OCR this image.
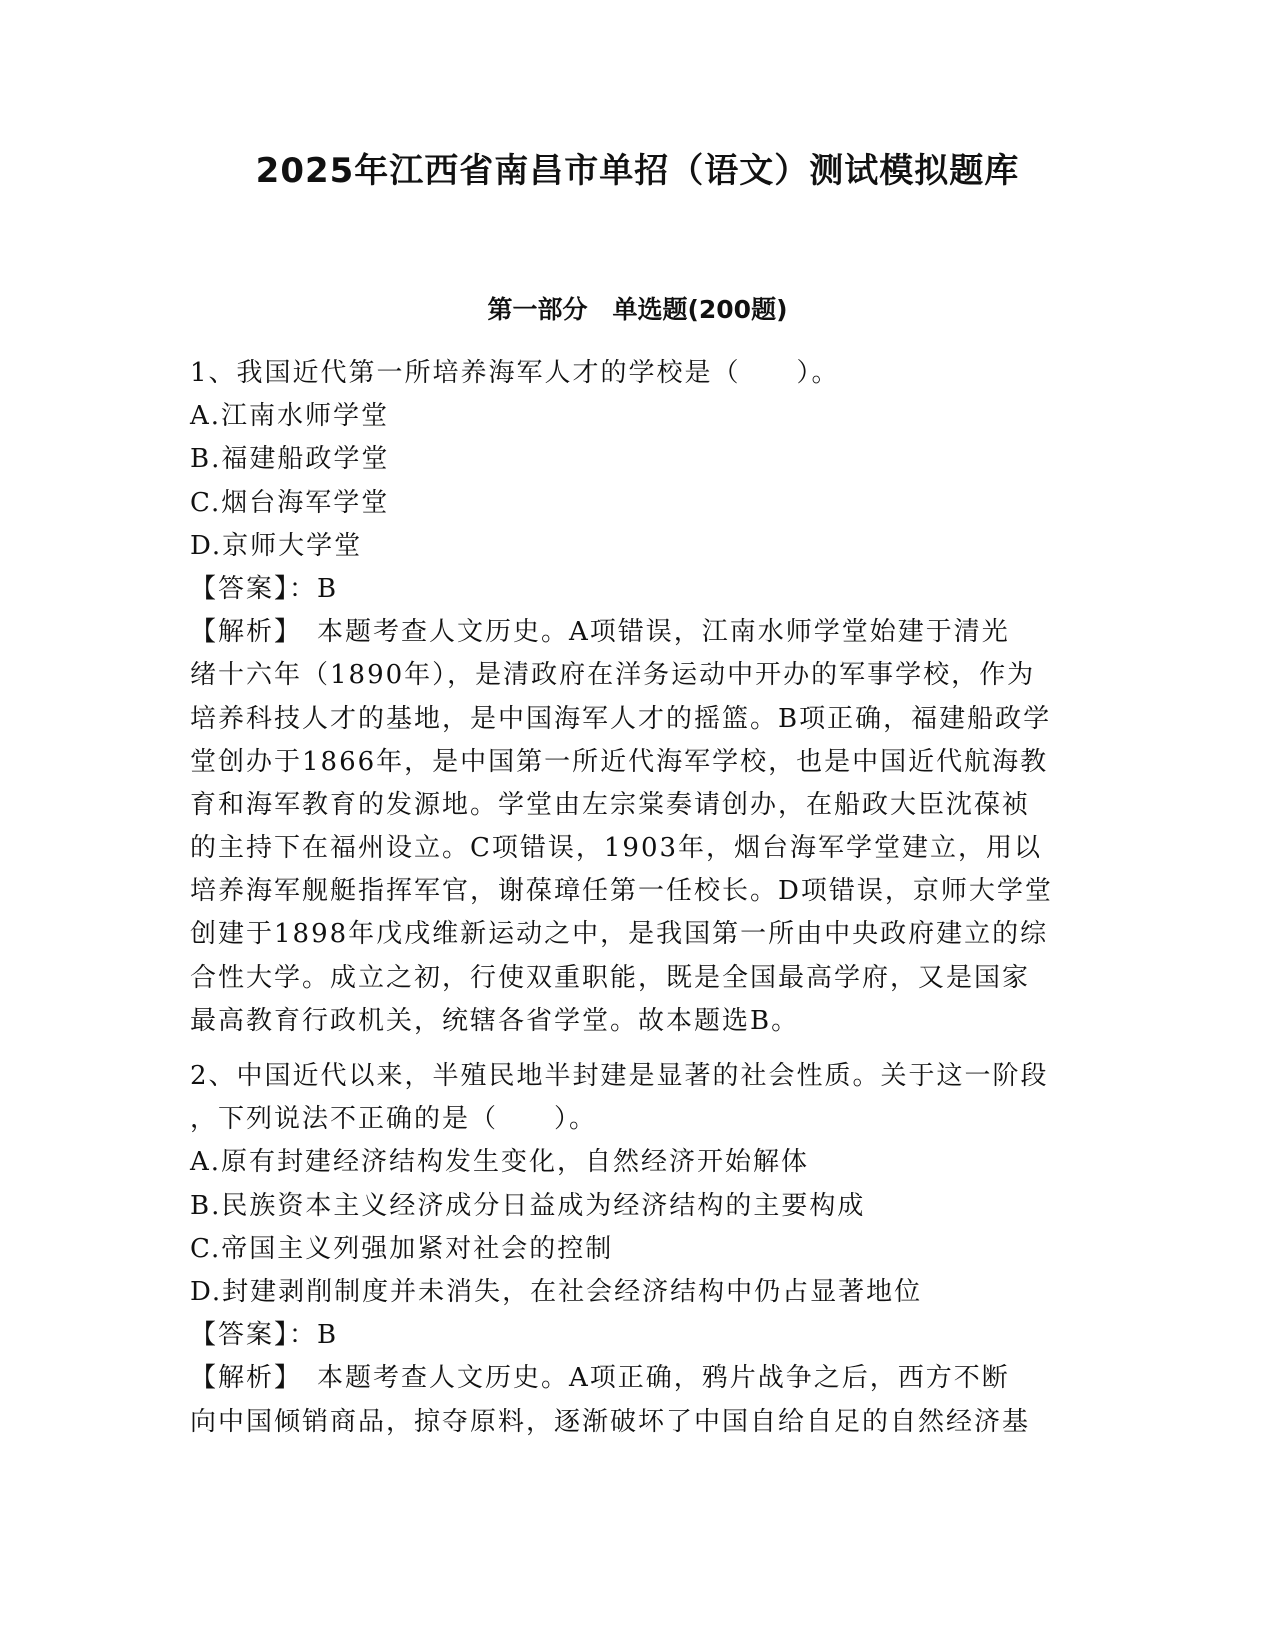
2025年江西省南昌市单招（语文）测试模拟题库
第一部分　单选题(200题)
1、我国近代第一所培养海军人才的学校是（　　）。
A.江南水师学堂
B.福建船政学堂
C.烟台海军学堂
D.京师大学堂
【答案】：B
【解析】　本题考查人文历史。A项错误，江南水师学堂始建于清光
绪十六年（1890年），是清政府在洋务运动中开办的军事学校，作为
培养科技人才的基地，是中国海军人才的摇篮。B项正确，福建船政学
堂创办于1866年，是中国第一所近代海军学校，也是中国近代航海教
育和海军教育的发源地。学堂由左宗棠奏请创办，在船政大臣沈葆祯
的主持下在福州设立。C项错误，1903年，烟台海军学堂建立，用以
培养海军舰艇指挥军官，谢葆璋任第一任校长。D项错误，京师大学堂
创建于1898年戊戌维新运动之中，是我国第一所由中央政府建立的综
合性大学。成立之初，行使双重职能，既是全国最高学府，又是国家
最高教育行政机关，统辖各省学堂。故本题选B。
2、中国近代以来，半殖民地半封建是显著的社会性质。关于这一阶段
，下列说法不正确的是（　　）。
A.原有封建经济结构发生变化，自然经济开始解体
B.民族资本主义经济成分日益成为经济结构的主要构成
C.帝国主义列强加紧对社会的控制
D.封建剥削制度并未消失，在社会经济结构中仍占显著地位
【答案】：B
【解析】　本题考查人文历史。A项正确，鸦片战争之后，西方不断
向中国倾销商品，掠夺原料，逐渐破坏了中国自给自足的自然经济基
